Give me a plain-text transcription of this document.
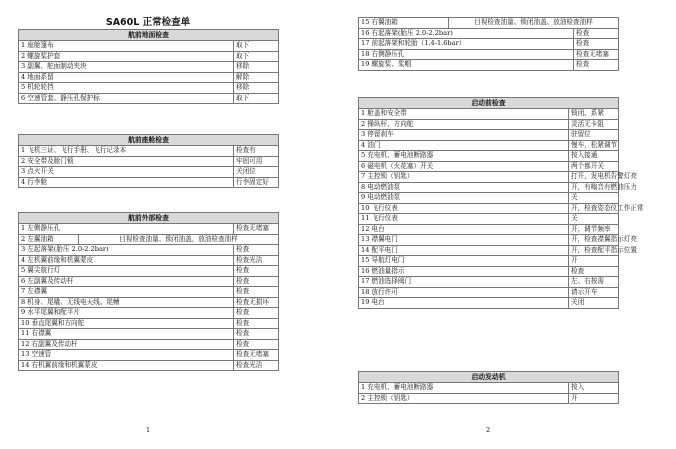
SA60L 正常检查单
航前地面检查	
1 座舱篷布	取下
2 螺旋桨护套	取下
3 副翼、舵面制动夹块	移除
4 地面系留	解除
5 机轮轮挡	移除
6 空速管套、静压孔保护标	取下
航前座舱检查	
1 飞机三证、飞行手册、飞行记录本	检查有
2 安全带及舱门锁	牢固可用
3 点火开关	关闭位
4 行李舱	行李固定好
航前外部检查		
1 左侧静压孔		检查无堵塞
2 左翼油箱	目视检查油量、锁闭油盖，放油检查油样	
3 左起落架(胎压 2.0-2.2bar)		检查
4 左机翼前缘和机翼蒙皮		检查光洁
5 翼尖航行灯		检查
6 左副翼及传动杆		检查
7 左襟翼		检查
8 机身、尾橇、无线电天线、尾鳍		检查无损坏
9 水平尾翼和配平片		检查
10 垂直尾翼和方向舵		检查
11 右襟翼		检查
12 右副翼及传动杆		检查
13 空速管		检查无堵塞
14 右机翼前缘和机翼蒙皮		检查光洁
1
15 右翼油箱	目视检查油量、锁闭油盖、放油检查油样	
16 右起落架(胎压 2.0-2.2bar)		检查
17 前起落架和轮胎（1.4-1.6bar）		检查
18 右侧静压孔		检查无堵塞
19 螺旋桨、桨帽		检查
启动前检查	
1 舱盖和安全带	锁闭、系紧
2 操纵杆、方向舵	灵活无卡阻
3 停留刹车	驻留位
4 油门	慢车，松紧调节
5 充电机、蓄电池断路器	按入接通
6 磁电机（火花塞）开关	两个都开关
7 主控锁（钥匙）	打开，发电机告警灯亮
8 电动燃油泵	开，有嗡音有燃油压力
9 电动燃油泵	关
10 飞行仪表	开，检查姿态仪工作正常
11 飞行仪表	关
12 电台	开，调节频率
13 襟翼电门	开，检查襟翼指示灯亮
14 配平电门	开，检查配平指示位置
15 导航灯电门	开
16 燃油量指示	检查
17 燃油选择阀门	左、右按需
18 放行许可	请示开车
19 电台	关闭
启动发动机	
1 充电机、蓄电池断路器	按入
2 主控锁（钥匙）	开
2
